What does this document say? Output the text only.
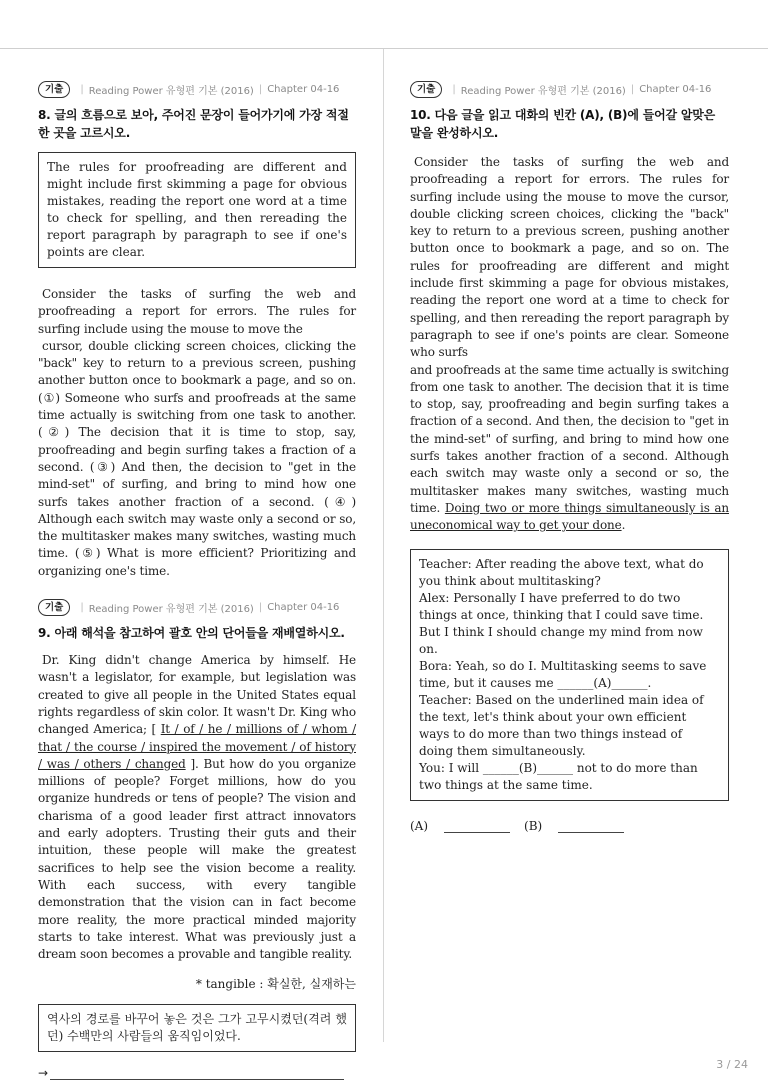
기출	| Reading Power 유형편 기본 (2016) | Chapter 04-16
8. 글의 흐름으로 보아, 주어진 문장이 들어가기에 가장 적절한 곳을 고르시오.
The rules for proofreading are different and might include first skimming a page for obvious mistakes, reading the report one word at a time to check for spelling, and then rereading the report paragraph by paragraph to see if one's points are clear.

Consider the tasks of surfing the web and proofreading a report for errors. The rules for surfing include using the mouse to move the

cursor, double clicking screen choices, clicking the "back" key to return to a previous screen, pushing another button once to bookmark a page, and so on. (①) Someone who surfs and proofreads at the same time actually is switching from one task to another. (②) The decision that it is time to stop, say, proofreading and begin surfing takes a fraction of a second. (③) And then, the decision to "get in the mind-set" of surfing, and bring to mind how one surfs takes another fraction of a second. (④) Although each switch may waste only a second or so, the multitasker makes many switches, wasting much time. (⑤) What is more efficient? Prioritizing and organizing one's time.

기출	| Reading Power 유형편 기본 (2016) | Chapter 04-16
9. 아래 해석을 참고하여 괄호 안의 단어들을 재배열하시오.

Dr. King didn't change America by himself. He wasn't a legislator, for example, but legislation was created to give all people in the United States equal rights regardless of skin color. It wasn't Dr. King who changed America; [ It / of / he / millions of / whom / that / the course / inspired the movement / of history / was / others / changed ]. But how do you organize millions of people? Forget millions, how do you organize hundreds or tens of people? The vision and charisma of a good leader first attract innovators and early adopters. Trusting their guts and their intuition, these people will make the greatest sacrifices to help see the vision become a reality. With each success, with every tangible demonstration that the vision can in fact become more reality, the more practical minded majority starts to take interest. What was previously just a dream soon becomes a provable and tangible reality.

* tangible : 확실한, 실재하는
역사의 경로를 바꾸어 놓은 것은 그가 고무시켰던(격려 했던) 수백만의 사람들의 움직임이었다.
→
기출	| Reading Power 유형편 기본 (2016) | Chapter 04-16
10. 다음 글을 읽고 대화의 빈칸 (A), (B)에 들어갈 알맞은 말을 완성하시오.

Consider the tasks of surfing the web and proofreading a report for errors. The rules for surfing include using the mouse to move the cursor, double clicking screen choices, clicking the "back" key to return to a previous screen, pushing another button once to bookmark a page, and so on. The rules for proofreading are different and might include first skimming a page for obvious mistakes, reading the report one word at a time to check for spelling, and then rereading the report paragraph by paragraph to see if one's points are clear. Someone who surfs

and proofreads at the same time actually is switching from one task to another. The decision that it is time to stop, say, proofreading and begin surfing takes a fraction of a second. And then, the decision to "get in the mind-set" of surfing, and bring to mind how one surfs takes another fraction of a second. Although each switch may waste only a second or so, the multitasker makes many switches, wasting much time. Doing two or more things simultaneously is an uneconomical way to get your done.

Teacher: After reading the above text, what do you think about multitasking?
Alex: Personally I have preferred to do two things at once, thinking that I could save time. But I think I should change my mind from now on.
Bora: Yeah, so do I. Multitasking seems to save time, but it causes me ______(A)______.
Teacher: Based on the underlined main idea of the text, let's think about your own efficient ways to do more than two things instead of doing them simultaneously.
You: I will ______(B)______ not to do more than two things at the same time.
(A)	(B)
3 / 24
